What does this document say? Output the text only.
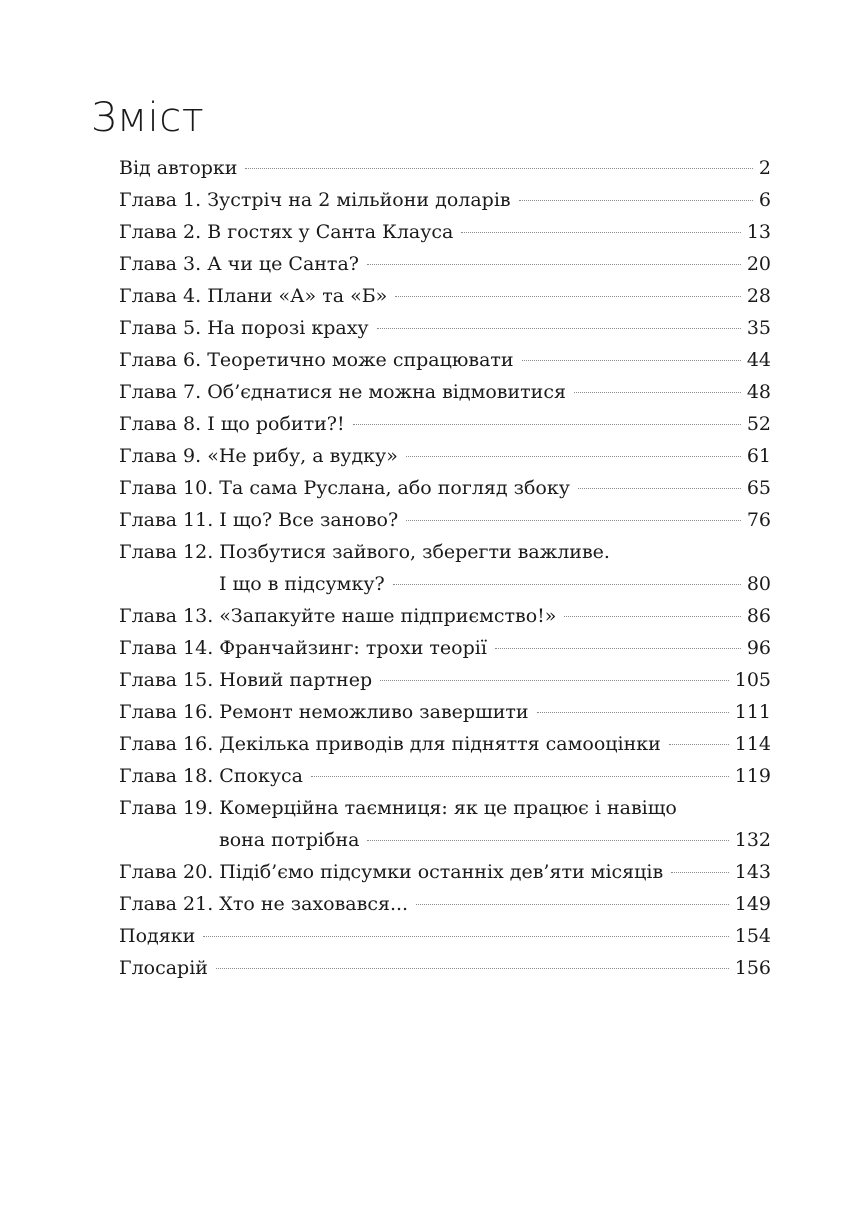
Зміст
Від авторки	2
Глава 1. Зустріч на 2 мільйони доларів	6
Глава 2. В гостях у Санта Клауса	13
Глава 3. А чи це Санта?	20
Глава 4. Плани «А» та «Б»	28
Глава 5. На порозі краху	35
Глава 6. Теоретично може спрацювати	44
Глава 7. Об’єднатися не можна відмовитися	48
Глава 8. І що робити?!	52
Глава 9. «Не рибу, а вудку»	61
Глава 10. Та сама Руслана, або погляд збоку	65
Глава 11. І що? Все заново?	76
Глава 12. Позбутися зайвого, зберегти важливе.
І що в підсумку?	80
Глава 13. «Запакуйте наше підприємство!»	86
Глава 14. Франчайзинг: трохи теорії	96
Глава 15. Новий партнер	105
Глава 16. Ремонт неможливо завершити	111
Глава 16. Декілька приводів для підняття самооцінки	114
Глава 18. Спокуса	119
Глава 19. Комерційна таємниця: як це працює і навіщо
вона потрібна	132
Глава 20. Підіб’ємо підсумки останніх дев’яти місяців	143
Глава 21. Хто не заховався...	149
Подяки	154
Глосарій	156
